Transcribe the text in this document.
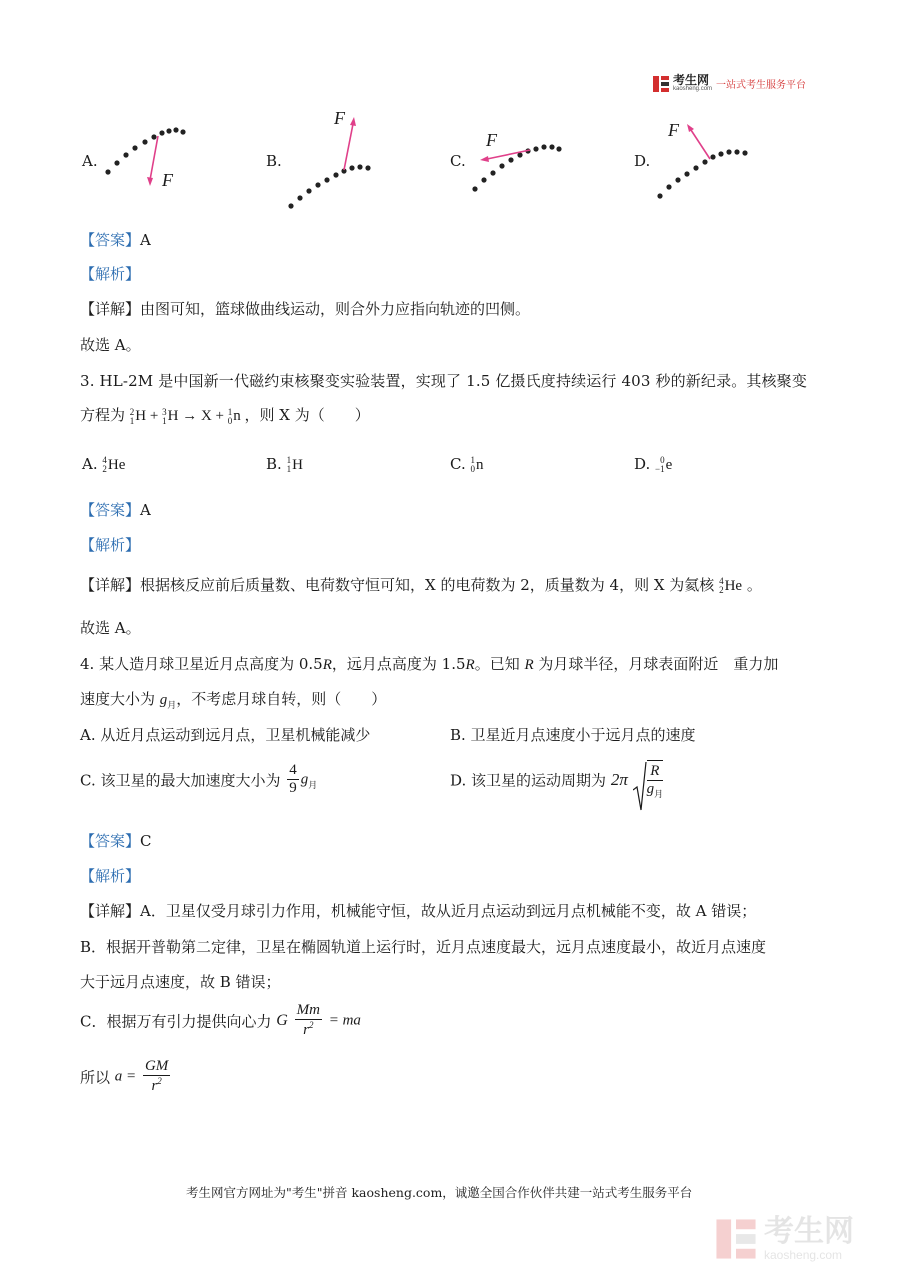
考生网
kaosheng.com 一站式考生服务平台
A.
F
B.
F
C.
F
D.
F
【答案】A
【解析】
【详解】由图可知，篮球做曲线运动，则合外力应指向轨迹的凹侧。
故选 A。
3. HL-2M 是中国新一代磁约束核聚变实验装置，实现了 1.5 亿摄氏度持续运行 403 秒的新纪录。其核聚变
方程为 2
1 H + 3
1 H → X + 1
0 n ，则 X 为（　　）
A. 4
2 He	B. 1
1 H	C. 1
0 n	D.	0
−1 e
【答案】A
【解析】
【详解】根据核反应前后质量数、电荷数守恒可知，X 的电荷数为 2，质量数为 4，则 X 为氦核 4
2 He 。
故选 A。
4. 某人造月球卫星近月点高度为 0.5R，远月点高度为 1.5R。已知 R 为月球半径，月球表面附近　重力加
速度大小为 $g_月$，不考虑月球自转，则（　　）
A. 从近月点运动到远月点，卫星机械能减少	B. 卫星近月点速度小于远月点的速度
C. 该卫星的最大加速度大小为 $\frac{4}{9} g_月$	D. 该卫星的运动周期为 $2\pi \frac{R}{g_月}$
【答案】C
【解析】
【详解】A．卫星仅受月球引力作用，机械能守恒，故从近月点运动到远月点机械能不变，故 A 错误；
B．根据开普勒第二定律，卫星在椭圆轨道上运行时，近月点速度最大，远月点速度最小，故近月点速度
大于远月点速度，故 B 错误；
C．根据万有引力提供向心力 G $\frac{Mm}{r^2}$ = ma
所以 $a = \frac{GM}{r^2}$
考生网官方网址为"考生"拼音 kaosheng.com，诚邀全国合作伙伴共建一站式考生服务平台
考生网
kaosheng.com
